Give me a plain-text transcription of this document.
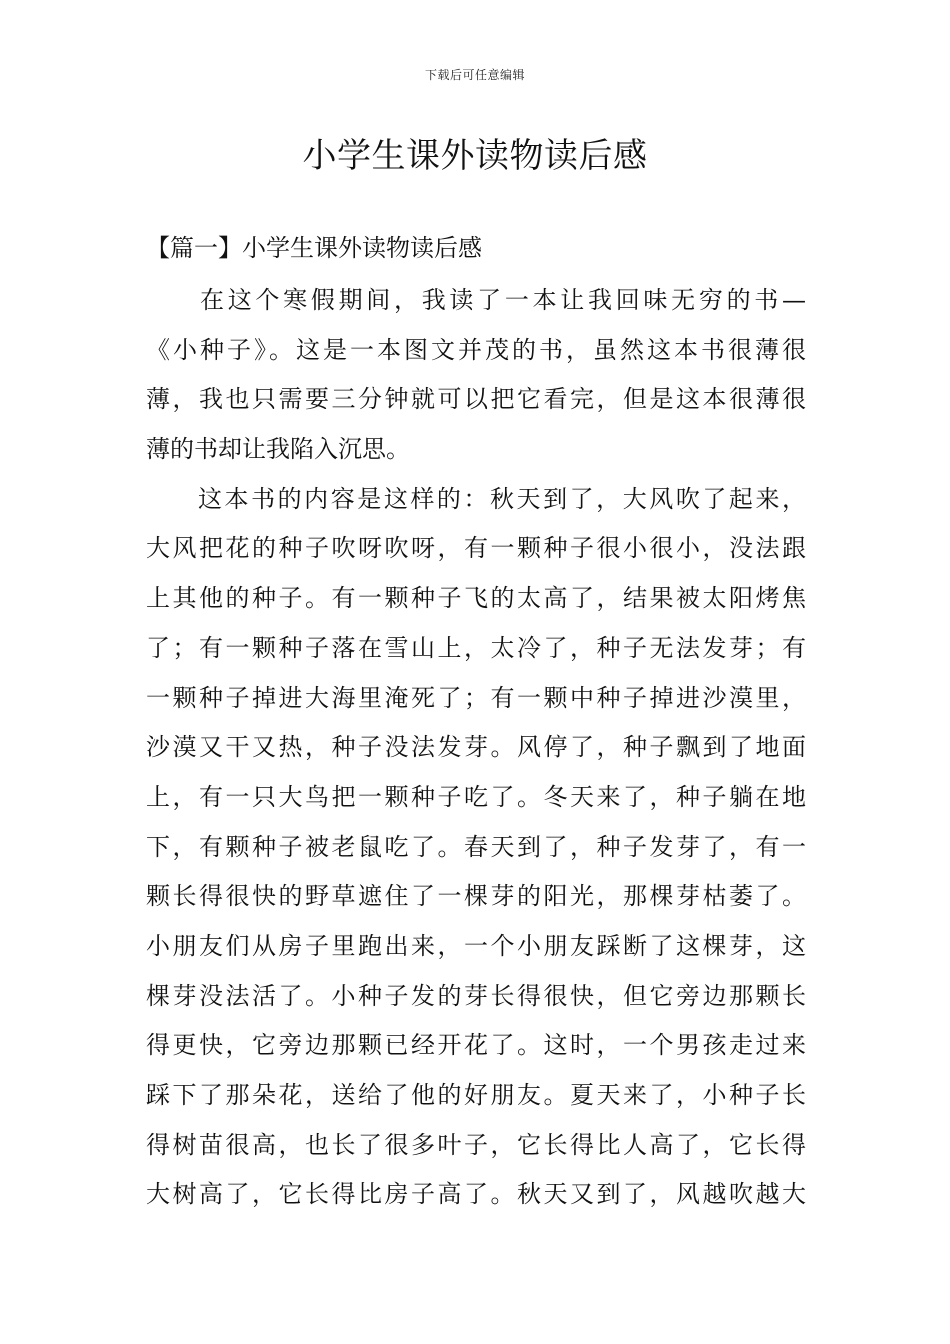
下载后可任意编辑
小学生课外读物读后感
【篇一】小学生课外读物读后感
在这个寒假期间，我读了一本让我回味无穷的书—
《小种子》。这是一本图文并茂的书，虽然这本书很薄很
薄，我也只需要三分钟就可以把它看完，但是这本很薄很
薄的书却让我陷入沉思。
这本书的内容是这样的：秋天到了，大风吹了起来，
大风把花的种子吹呀吹呀，有一颗种子很小很小，没法跟
上其他的种子。有一颗种子飞的太高了，结果被太阳烤焦
了；有一颗种子落在雪山上，太冷了，种子无法发芽；有
一颗种子掉进大海里淹死了；有一颗中种子掉进沙漠里，
沙漠又干又热，种子没法发芽。风停了，种子飘到了地面
上，有一只大鸟把一颗种子吃了。冬天来了，种子躺在地
下，有颗种子被老鼠吃了。春天到了，种子发芽了，有一
颗长得很快的野草遮住了一棵芽的阳光，那棵芽枯萎了。
小朋友们从房子里跑出来，一个小朋友踩断了这棵芽，这
棵芽没法活了。小种子发的芽长得很快，但它旁边那颗长
得更快，它旁边那颗已经开花了。这时，一个男孩走过来
踩下了那朵花，送给了他的好朋友。夏天来了，小种子长
得树苗很高，也长了很多叶子，它长得比人高了，它长得
大树高了，它长得比房子高了。秋天又到了，风越吹越大
